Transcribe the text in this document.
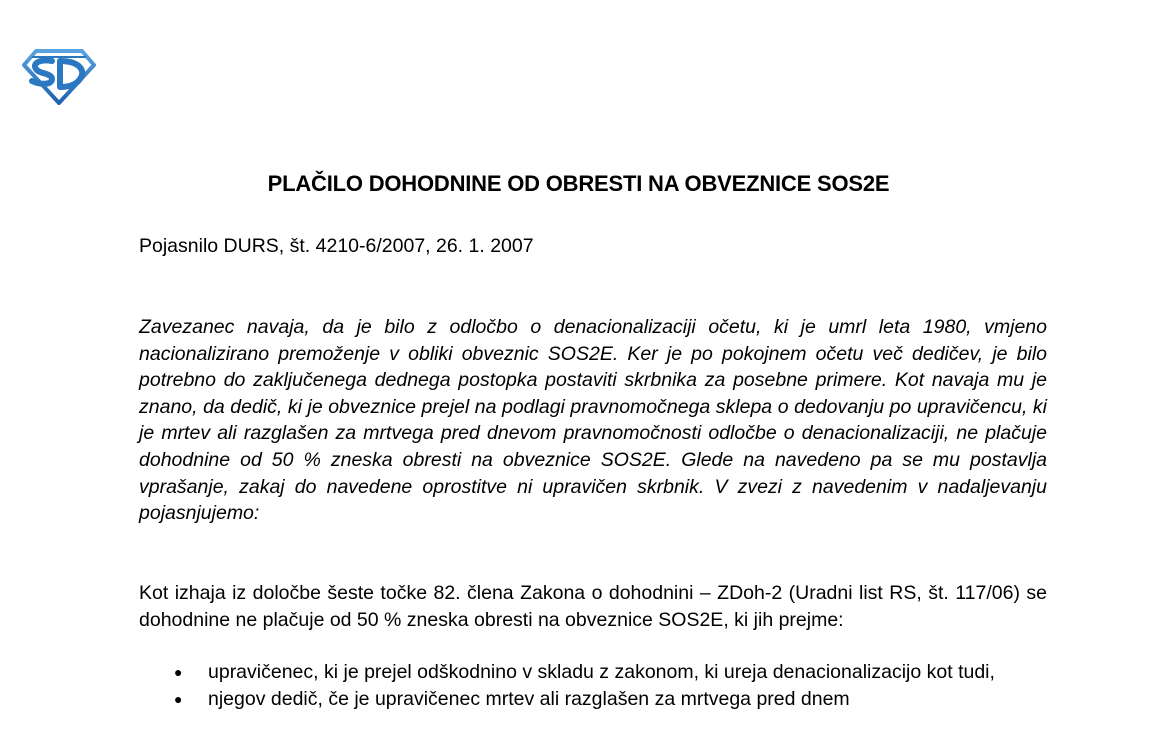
PLAČILO DOHODNINE OD OBRESTI NA OBVEZNICE SOS2E

Pojasnilo DURS, št. 4210-6/2007, 26. 1. 2007

Zavezanec navaja, da je bilo z odločbo o denacionalizaciji očetu, ki je umrl leta 1980, vmjeno nacionalizirano premoženje v obliki obveznic SOS2E. Ker je po pokojnem očetu več dedičev, je bilo potrebno do zaključenega dednega postopka postaviti skrbnika za posebne primere. Kot navaja mu je znano, da dedič, ki je obveznice prejel na podlagi pravnomočnega sklepa o dedovanju po upravičencu, ki je mrtev ali razglašen za mrtvega pred dnevom pravnomočnosti odločbe o denacionalizaciji, ne plačuje dohodnine od 50 % zneska obresti na obveznice SOS2E. Glede na navedeno pa se mu postavlja vprašanje, zakaj do navedene oprostitve ni upravičen skrbnik. V zvezi z navedenim v nadaljevanju pojasnjujemo:

Kot izhaja iz določbe šeste točke 82. člena Zakona o dohodnini – ZDoh-2 (Uradni list RS, št. 117/06) se dohodnine ne plačuje od 50 % zneska obresti na obveznice SOS2E, ki jih prejme:

● upravičenec, ki je prejel odškodnino v skladu z zakonom, ki ureja denacionalizacijo kot tudi,
● njegov dedič, če je upravičenec mrtev ali razglašen za mrtvega pred dnem
